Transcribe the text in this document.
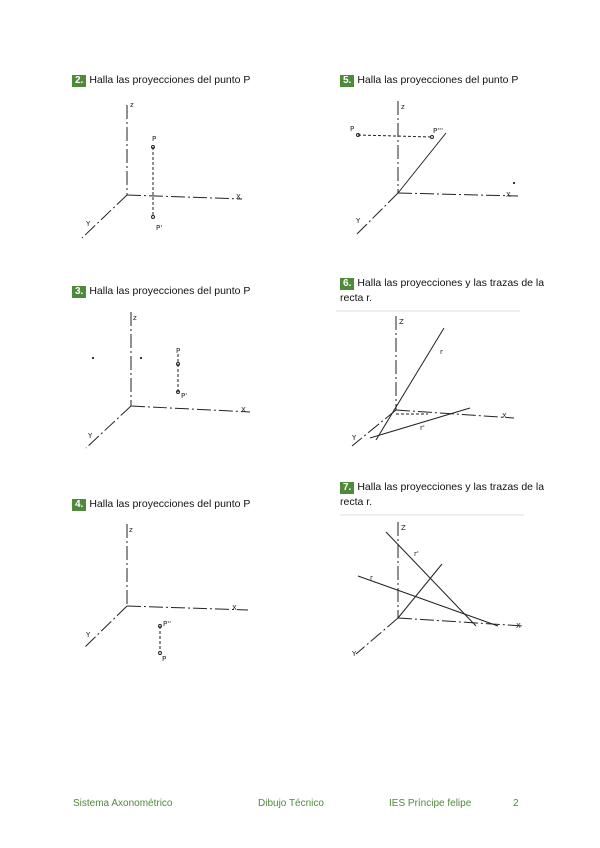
2. Halla las proyecciones del punto P
z
X
Y
P
P'
3. Halla las proyecciones del punto P
z
X
Y
P
P'
4. Halla las proyecciones del punto P
z
X
Y
P
P''
5. Halla las proyecciones del punto P
z
X
Y
P	P'''
6. Halla las proyecciones y las trazas de la recta r.
Z
X
Y
r
r'
7. Halla las proyecciones y las trazas de la recta r.
Z
X
Y
r
r'
Sistema Axonométrico	Dibujo Técnico	IES Príncipe felipe	2
